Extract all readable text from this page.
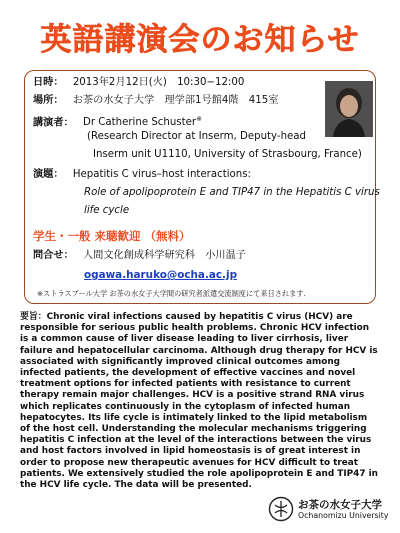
英語講演会のお知らせ
日時： 2013年2月12日(火)　10:30−12:00
場所： お茶の水女子大学　理学部1号館4階　415室
講演者： Dr Catherine Schuster※
(Research Director at Inserm, Deputy-head
Inserm unit U1110, University of Strasbourg, France)
演題： Hepatitis C virus–host interactions:
Role of apolipoprotein E and TIP47 in the Hepatitis C virus
life cycle
学生・一般 来聴歓迎 （無料）
問合せ： 人間文化創成科学研究科　小川温子
ogawa.haruko@ocha.ac.jp
※ストラスブール大学 お茶の水女子大学間の研究者派遣交流制度にて来日されます.
要旨：Chronic viral infections caused by hepatitis C virus (HCV) are responsible for serious public health problems. Chronic HCV infection is a common cause of liver disease leading to liver cirrhosis, liver failure and hepatocellular carcinoma. Although drug therapy for HCV is associated with significantly improved clinical outcomes among infected patients, the development of effective vaccines and novel treatment options for infected patients with resistance to current therapy remain major challenges. HCV is a positive strand RNA virus which replicates continuously in the cytoplasm of infected human hepatocytes. Its life cycle is intimately linked to the lipid metabolism of the host cell. Understanding the molecular mechanisms triggering hepatitis C infection at the level of the interactions between the virus and host factors involved in lipid homeostasis is of great interest in order to propose new therapeutic avenues for HCV difficult to treat patients. We extensively studied the role apolipoprotein E and TIP47 in the HCV life cycle. The data will be presented.
お茶の水女子大学
Ochanomizu University
